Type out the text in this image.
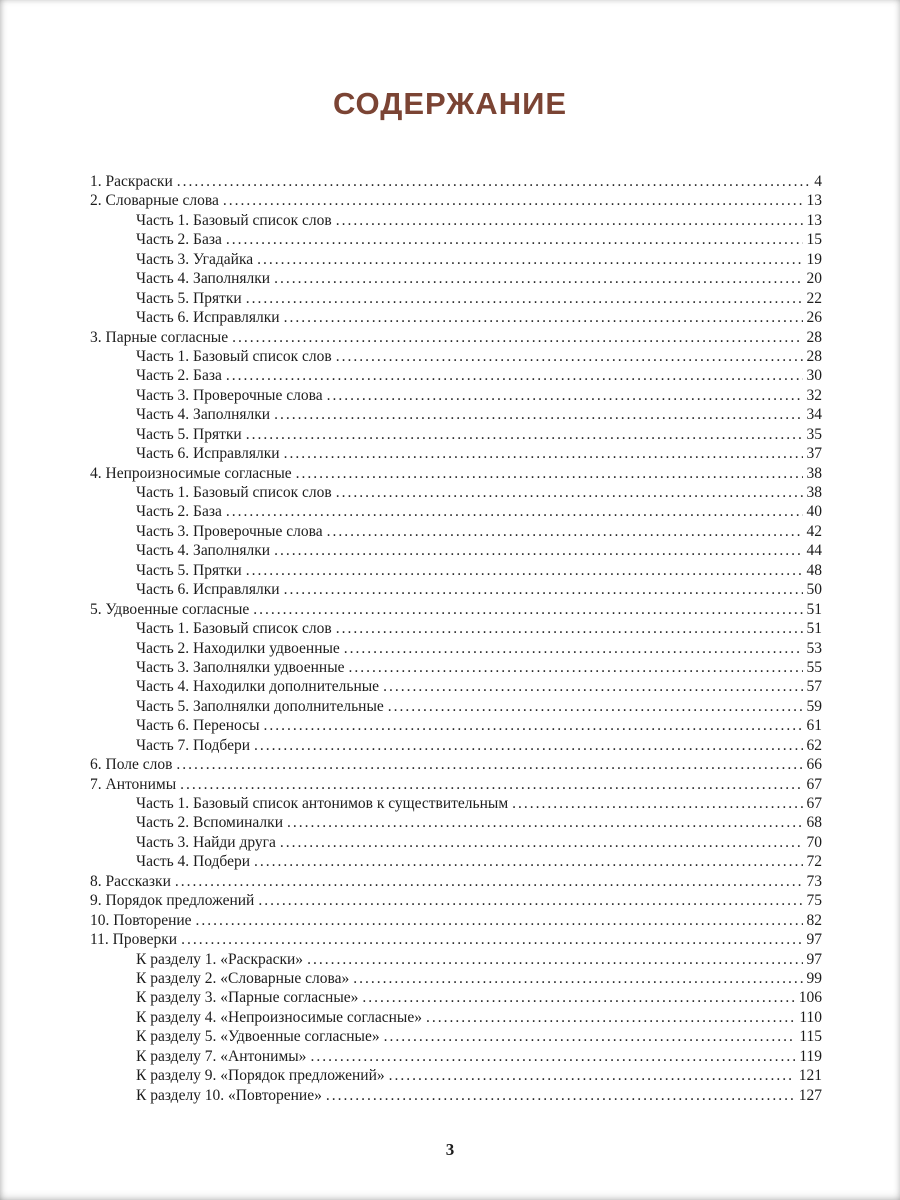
СОДЕРЖАНИЕ
1. Раскраски .....	4
2. Словарные слова .....	13
Часть 1. Базовый список слов .....	13
Часть 2. База .....	15
Часть 3. Угадайка .....	19
Часть 4. Заполнялки .....	20
Часть 5. Прятки .....	22
Часть 6. Исправлялки .....	26
3. Парные согласные .....	28
Часть 1. Базовый список слов .....	28
Часть 2. База .....	30
Часть 3. Проверочные слова .....	32
Часть 4. Заполнялки .....	34
Часть 5. Прятки .....	35
Часть 6. Исправлялки .....	37
4. Непроизносимые согласные .....	38
Часть 1. Базовый список слов .....	38
Часть 2. База .....	40
Часть 3. Проверочные слова .....	42
Часть 4. Заполнялки .....	44
Часть 5. Прятки .....	48
Часть 6. Исправлялки .....	50
5. Удвоенные согласные .....	51
Часть 1. Базовый список слов .....	51
Часть 2. Находилки удвоенные .....	53
Часть 3. Заполнялки удвоенные .....	55
Часть 4. Находилки дополнительные .....	57
Часть 5. Заполнялки дополнительные .....	59
Часть 6. Переносы .....	61
Часть 7. Подбери .....	62
6. Поле слов .....	66
7. Антонимы .....	67
Часть 1. Базовый список антонимов к существительным .....	67
Часть 2. Вспоминалки .....	68
Часть 3. Найди друга .....	70
Часть 4. Подбери .....	72
8. Рассказки .....	73
9. Порядок предложений .....	75
10. Повторение .....	82
11. Проверки .....	97
К разделу 1. «Раскраски» .....	97
К разделу 2. «Словарные слова» .....	99
К разделу 3. «Парные согласные» .....	106
К разделу 4. «Непроизносимые согласные» .....	110
К разделу 5. «Удвоенные согласные» .....	115
К разделу 7. «Антонимы» .....	119
К разделу 9. «Порядок предложений» .....	121
К разделу 10. «Повторение» .....	127
3
